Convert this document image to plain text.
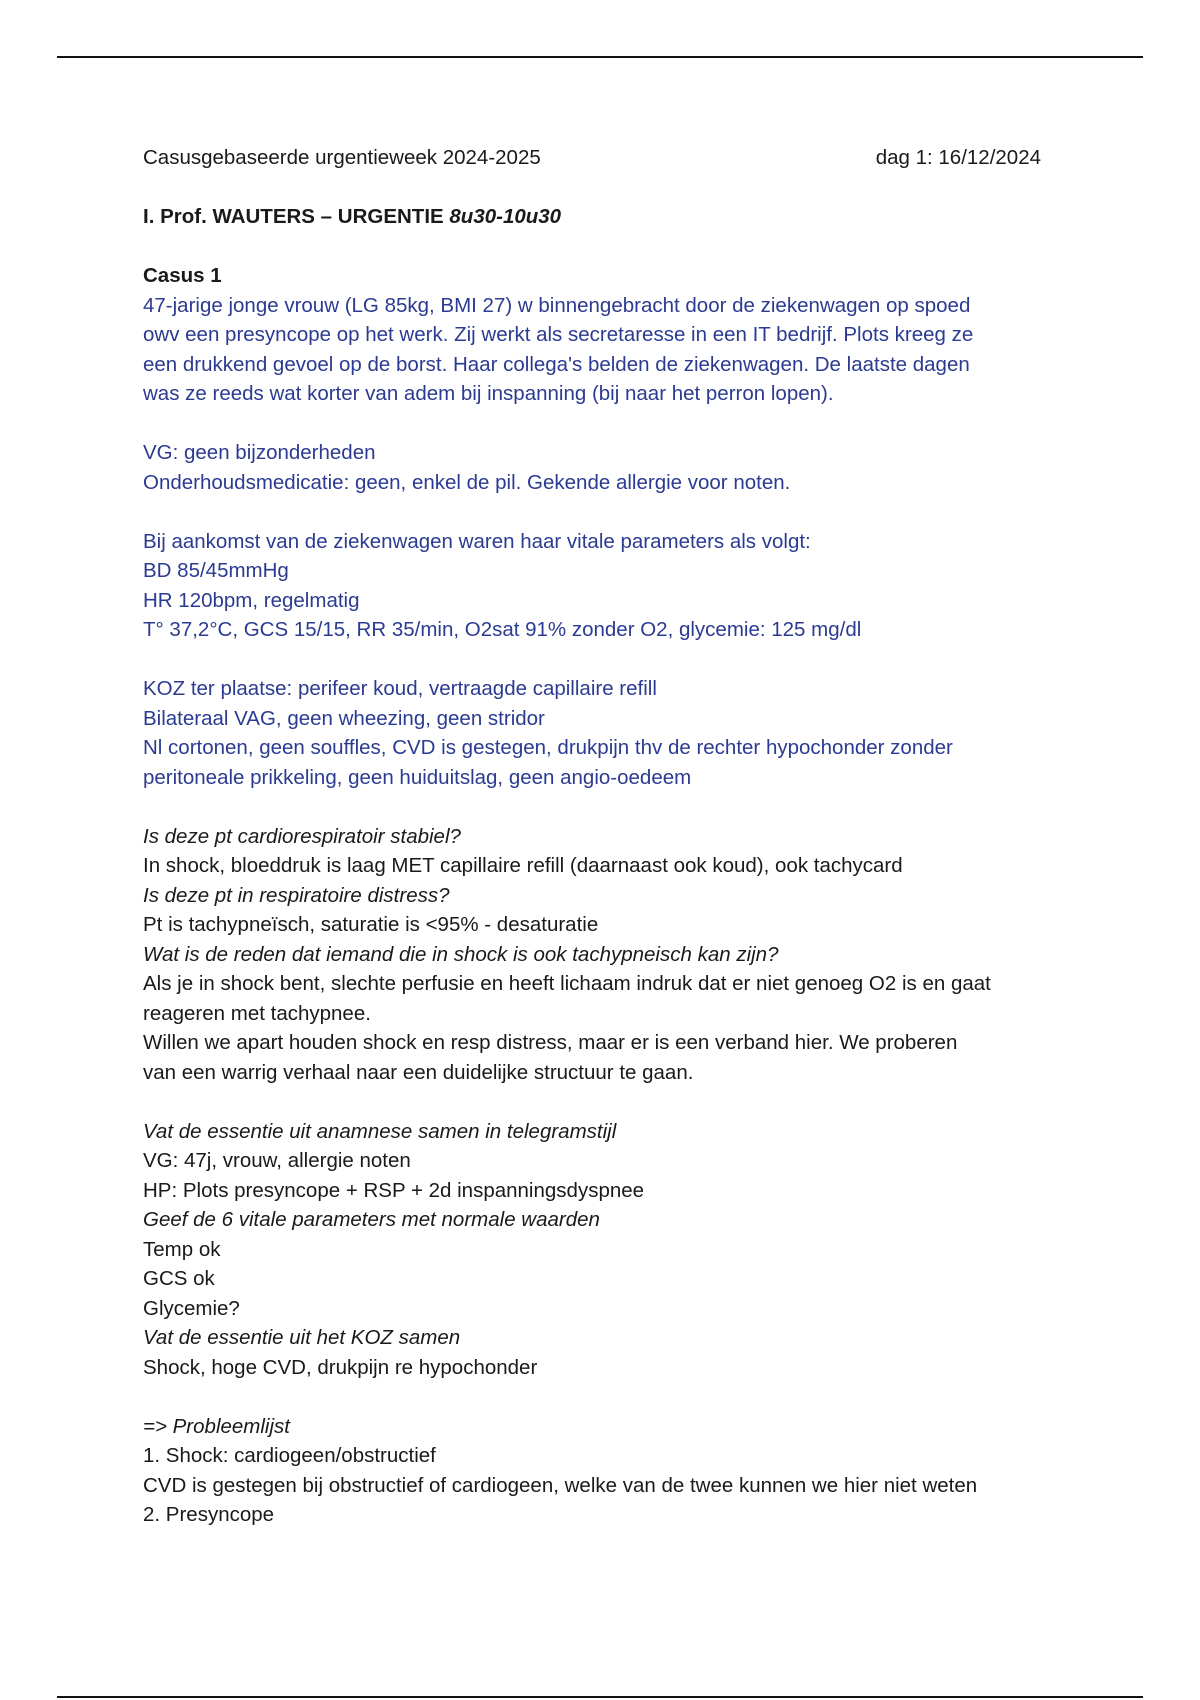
Casusgebaseerde urgentieweek 2024-2025	dag 1: 16/12/2024
I. Prof. WAUTERS – URGENTIE 8u30-10u30
Casus 1
47-jarige jonge vrouw (LG 85kg, BMI 27) w binnengebracht door de ziekenwagen op spoed
owv een presyncope op het werk. Zij werkt als secretaresse in een IT bedrijf. Plots kreeg ze
een drukkend gevoel op de borst. Haar collega's belden de ziekenwagen. De laatste dagen
was ze reeds wat korter van adem bij inspanning (bij naar het perron lopen).
VG: geen bijzonderheden
Onderhoudsmedicatie: geen, enkel de pil. Gekende allergie voor noten.
Bij aankomst van de ziekenwagen waren haar vitale parameters als volgt:
BD 85/45mmHg
HR 120bpm, regelmatig
T° 37,2°C, GCS 15/15, RR 35/min, O2sat 91% zonder O2, glycemie: 125 mg/dl
KOZ ter plaatse: perifeer koud, vertraagde capillaire refill
Bilateraal VAG, geen wheezing, geen stridor
Nl cortonen, geen souffles, CVD is gestegen, drukpijn thv de rechter hypochonder zonder
peritoneale prikkeling, geen huiduitslag, geen angio-oedeem
Is deze pt cardiorespiratoir stabiel?
In shock, bloeddruk is laag MET capillaire refill (daarnaast ook koud), ook tachycard
Is deze pt in respiratoire distress?
Pt is tachypneïsch, saturatie is <95% - desaturatie
Wat is de reden dat iemand die in shock is ook tachypneisch kan zijn?
Als je in shock bent, slechte perfusie en heeft lichaam indruk dat er niet genoeg O2 is en gaat
reageren met tachypnee.
Willen we apart houden shock en resp distress, maar er is een verband hier. We proberen
van een warrig verhaal naar een duidelijke structuur te gaan.
Vat de essentie uit anamnese samen in telegramstijl
VG: 47j, vrouw, allergie noten
HP: Plots presyncope + RSP + 2d inspanningsdyspnee
Geef de 6 vitale parameters met normale waarden
Temp ok
GCS ok
Glycemie?
Vat de essentie uit het KOZ samen
Shock, hoge CVD, drukpijn re hypochonder
=> Probleemlijst
1. Shock: cardiogeen/obstructief
CVD is gestegen bij obstructief of cardiogeen, welke van de twee kunnen we hier niet weten
2. Presyncope
